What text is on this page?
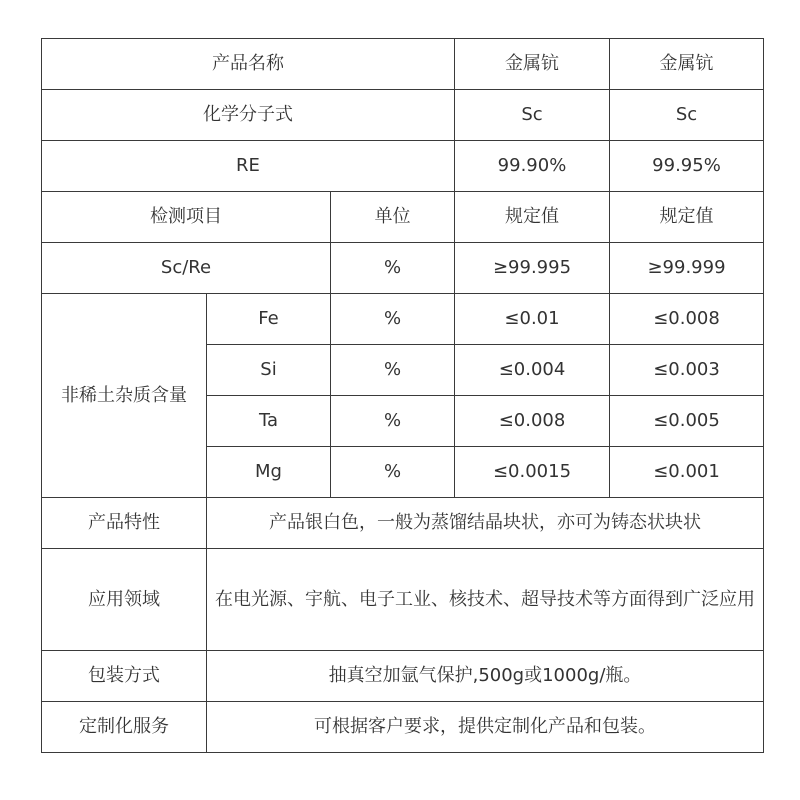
产品名称			金属钪	金属钪
化学分子式			Sc	Sc
RE			99.90%	99.95%
检测项目		单位	规定值	规定值
Sc/Re		%	≥99.995	≥99.999
非稀土杂质含量	Fe	%	≤0.01	≤0.008
	Si	%	≤0.004	≤0.003
	Ta	%	≤0.008	≤0.005
	Mg	%	≤0.0015	≤0.001
产品特性	产品银白色，一般为蒸馏结晶块状，亦可为铸态状块状			
应用领域	在电光源、宇航、电子工业、核技术、超导技术等方面得到广泛应用			
包装方式	抽真空加氩气保护,500g或1000g/瓶。			
定制化服务	可根据客户要求，提供定制化产品和包装。			
